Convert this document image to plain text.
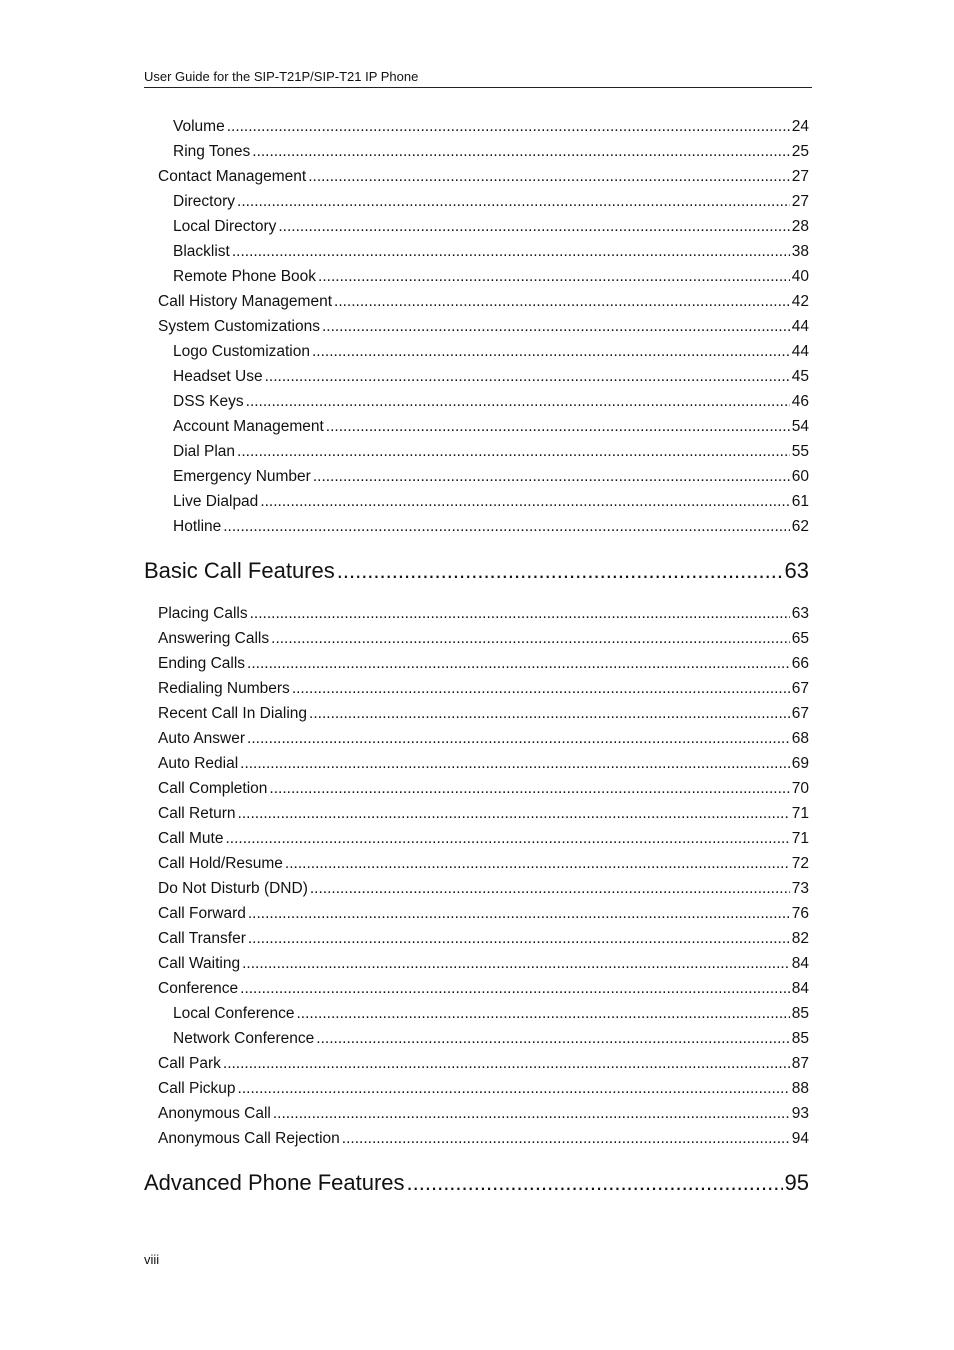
User Guide for the SIP-T21P/SIP-T21 IP Phone
Volume .....	24
Ring Tones .....	25
Contact Management .....	27
Directory .....	27
Local Directory .....	28
Blacklist .....	38
Remote Phone Book .....	40
Call History Management .....	42
System Customizations .....	44
Logo Customization .....	44
Headset Use .....	45
DSS Keys .....	46
Account Management .....	54
Dial Plan .....	55
Emergency Number .....	60
Live Dialpad .....	61
Hotline .....	62
Basic Call Features .....	63
Placing Calls .....	63
Answering Calls .....	65
Ending Calls .....	66
Redialing Numbers .....	67
Recent Call In Dialing .....	67
Auto Answer .....	68
Auto Redial .....	69
Call Completion .....	70
Call Return .....	71
Call Mute .....	71
Call Hold/Resume .....	72
Do Not Disturb (DND) .....	73
Call Forward .....	76
Call Transfer .....	82
Call Waiting .....	84
Conference .....	84
Local Conference .....	85
Network Conference .....	85
Call Park .....	87
Call Pickup .....	88
Anonymous Call .....	93
Anonymous Call Rejection .....	94
Advanced Phone Features .....	95
viii
